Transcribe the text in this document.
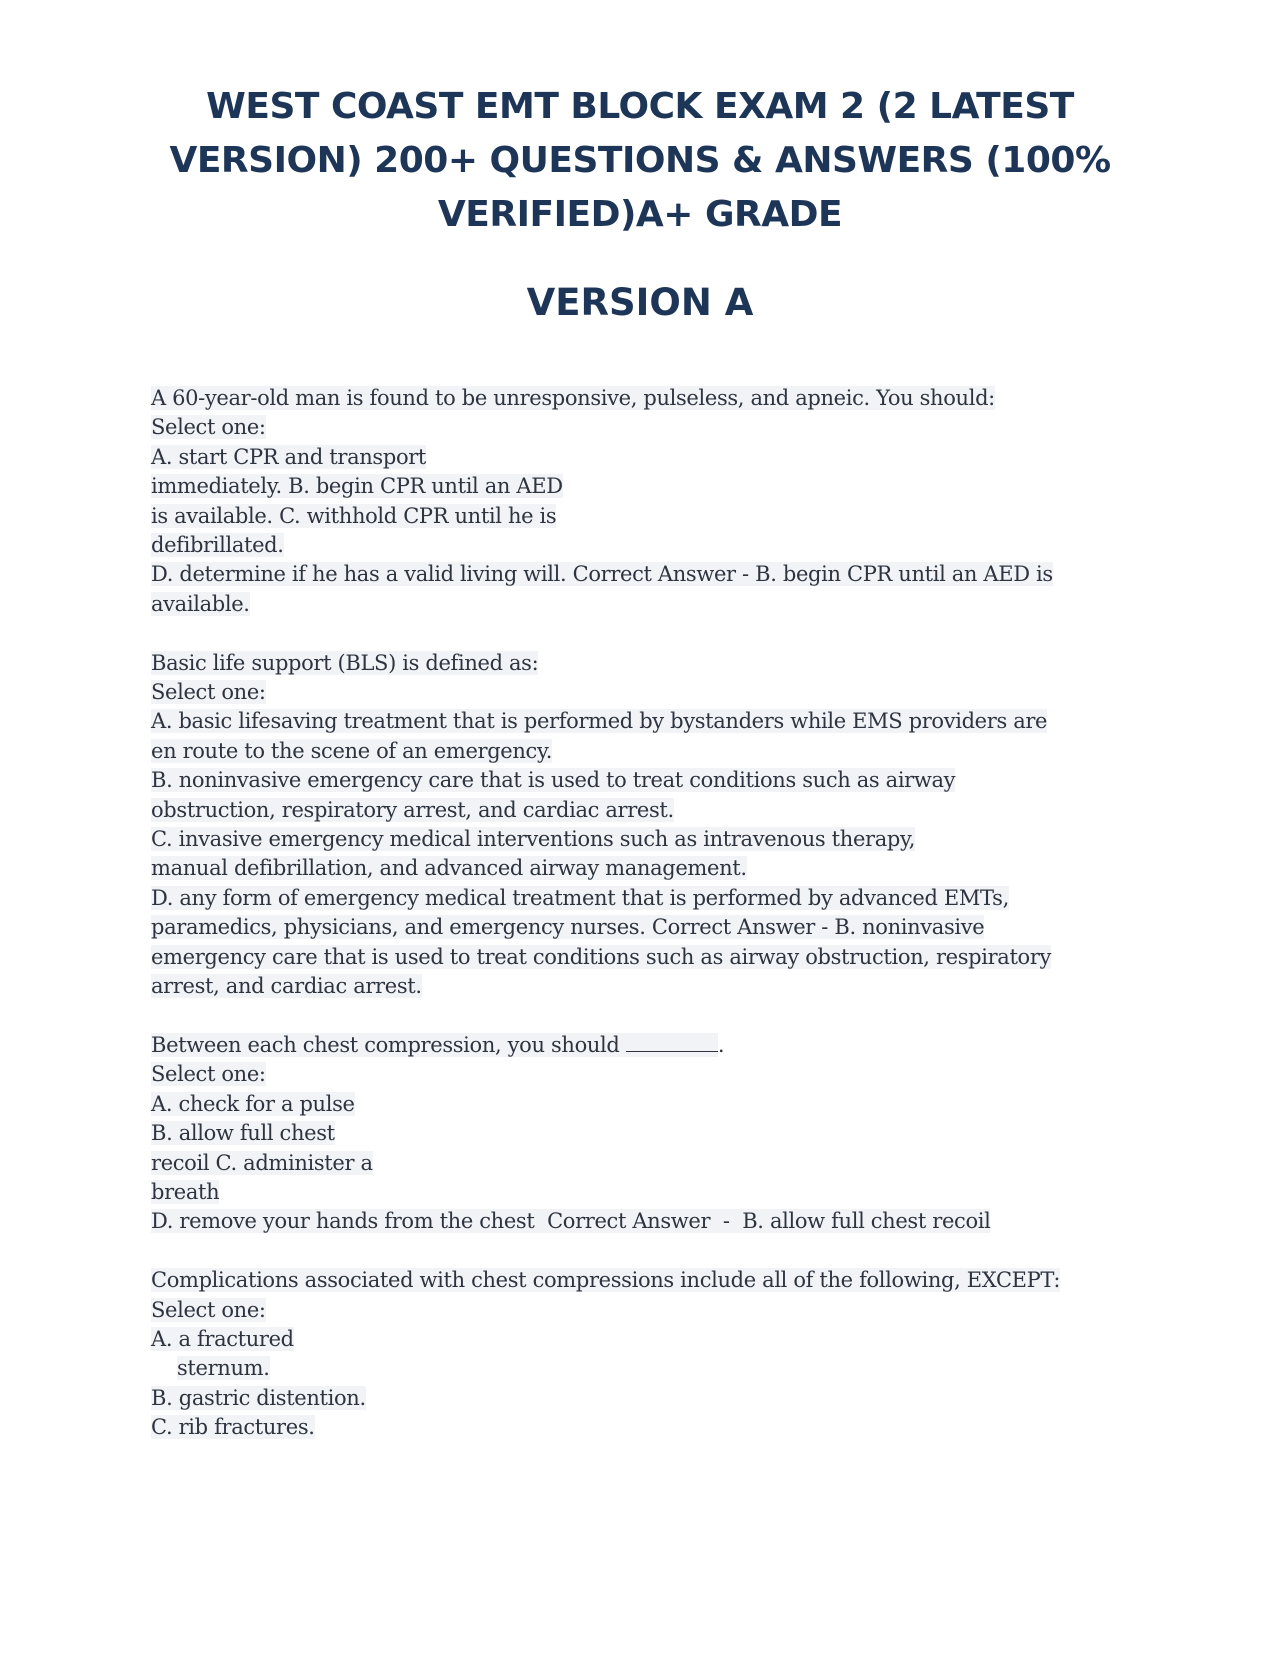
WEST COAST EMT BLOCK EXAM 2 (2 LATEST
VERSION) 200+ QUESTIONS & ANSWERS (100%
VERIFIED)A+ GRADE
VERSION A
A 60-year-old man is found to be unresponsive, pulseless, and apneic. You should:
Select one:
A. start CPR and transport
immediately. B. begin CPR until an AED
is available. C. withhold CPR until he is
defibrillated.
D. determine if he has a valid living will. Correct Answer - B. begin CPR until an AED is
available.
Basic life support (BLS) is defined as:
Select one:
A. basic lifesaving treatment that is performed by bystanders while EMS providers are
en route to the scene of an emergency.
B. noninvasive emergency care that is used to treat conditions such as airway
obstruction, respiratory arrest, and cardiac arrest.
C. invasive emergency medical interventions such as intravenous therapy,
manual defibrillation, and advanced airway management.
D. any form of emergency medical treatment that is performed by advanced EMTs,
paramedics, physicians, and emergency nurses. Correct Answer - B. noninvasive
emergency care that is used to treat conditions such as airway obstruction, respiratory
arrest, and cardiac arrest.
Between each chest compression, you should	.
Select one:
A. check for a pulse
B. allow full chest
recoil C. administer a
breath
D. remove your hands from the chest  Correct Answer  -  B. allow full chest recoil
Complications associated with chest compressions include all of the following, EXCEPT:
Select one:
A. a fractured
sternum.
B. gastric distention.
C. rib fractures.
